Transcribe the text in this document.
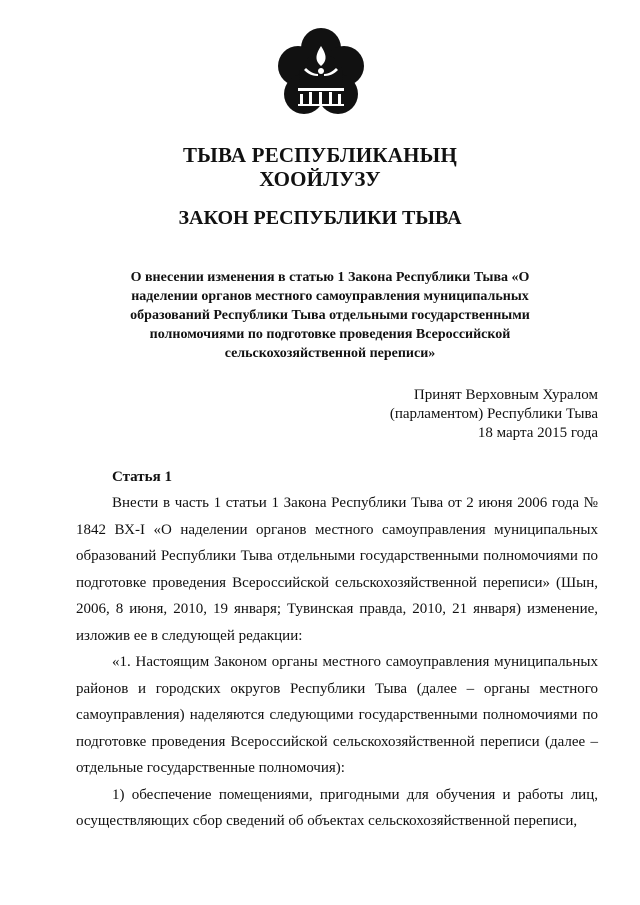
ТЫВА РЕСПУБЛИКАНЫҢ
ХООЙЛУЗУ
ЗАКОН РЕСПУБЛИКИ ТЫВА
О внесении изменения в статью 1 Закона Республики Тыва «О наделении органов местного самоуправления муниципальных образований Республики Тыва отдельными государственными полномочиями по подготовке проведения Всероссийской сельскохозяйственной переписи»
Принят Верховным Хуралом
(парламентом) Республики Тыва
18 марта 2015 года
Статья 1

Внести в часть 1 статьи 1 Закона Республики Тыва от 2 июня 2006 года № 1842 ВХ-I «О наделении органов местного самоуправления муниципальных образований Республики Тыва отдельными государственными полномочиями по подготовке проведения Всероссийской сельскохозяйственной переписи» (Шын, 2006, 8 июня, 2010, 19 января; Тувинская правда, 2010, 21 января) изменение, изложив ее в следующей редакции:

«1. Настоящим Законом органы местного самоуправления муниципальных районов и городских округов Республики Тыва (далее – органы местного самоуправления) наделяются следующими государственными полномочиями по подготовке проведения Всероссийской сельскохозяйственной переписи (далее – отдельные государственные полномочия):

1) обеспечение помещениями, пригодными для обучения и работы лиц, осуществляющих сбор сведений об объектах сельскохозяйственной переписи,
